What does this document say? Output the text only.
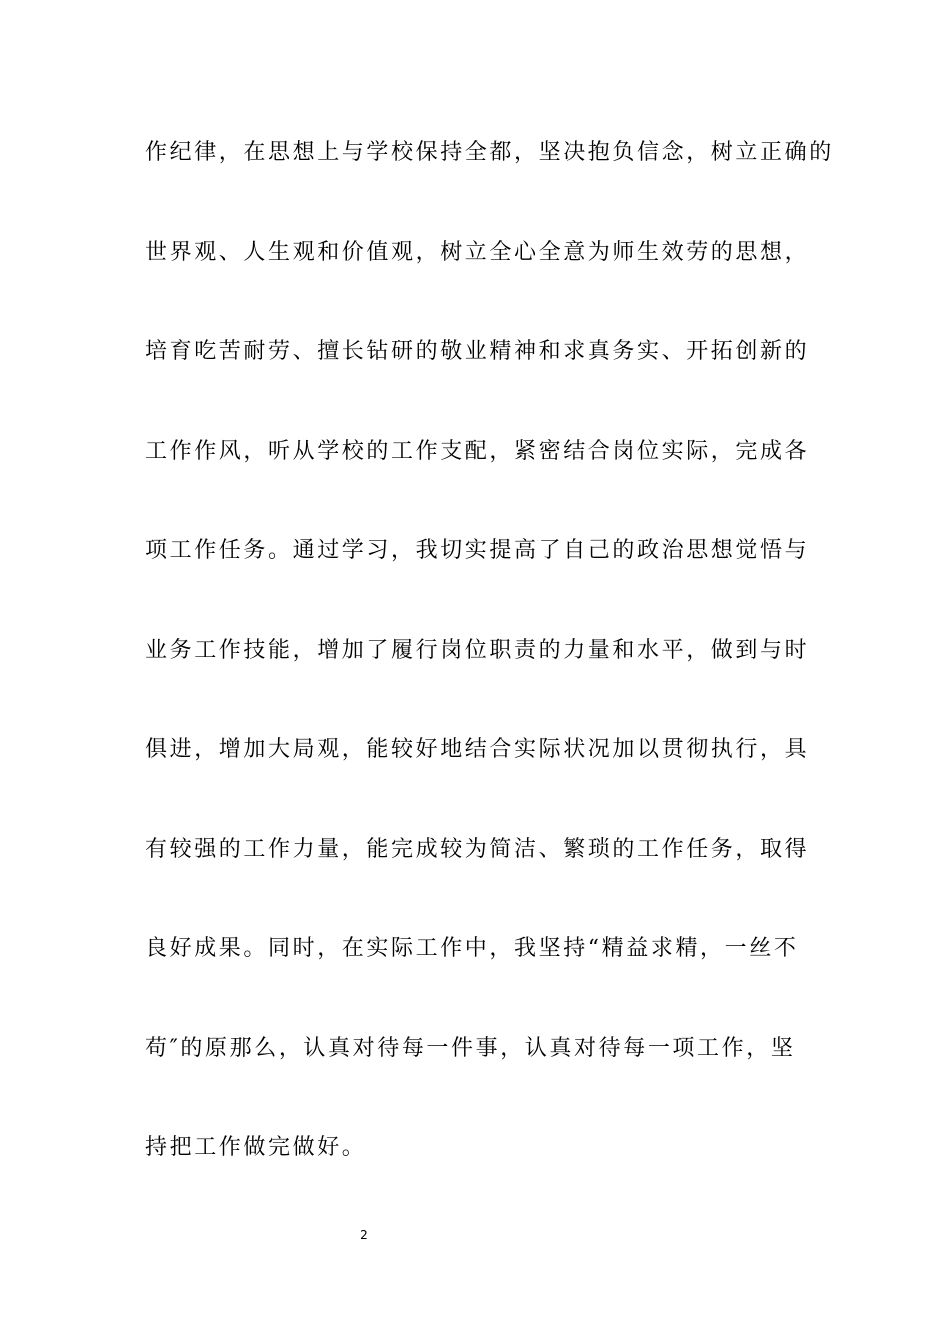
作纪律，在思想上与学校保持全都，坚决抱负信念，树立正确的
世界观、人生观和价值观，树立全心全意为师生效劳的思想，
培育吃苦耐劳、擅长钻研的敬业精神和求真务实、开拓创新的
工作作风，听从学校的工作支配，紧密结合岗位实际，完成各
项工作任务。通过学习，我切实提高了自己的政治思想觉悟与
业务工作技能，增加了履行岗位职责的力量和水平，做到与时
俱进，增加大局观，能较好地结合实际状况加以贯彻执行，具
有较强的工作力量，能完成较为简洁、繁琐的工作任务，取得
良好成果。同时，在实际工作中，我坚持“精益求精，一丝不
苟″的原那么，认真对待每一件事，认真对待每一项工作，坚
持把工作做完做好。
2
